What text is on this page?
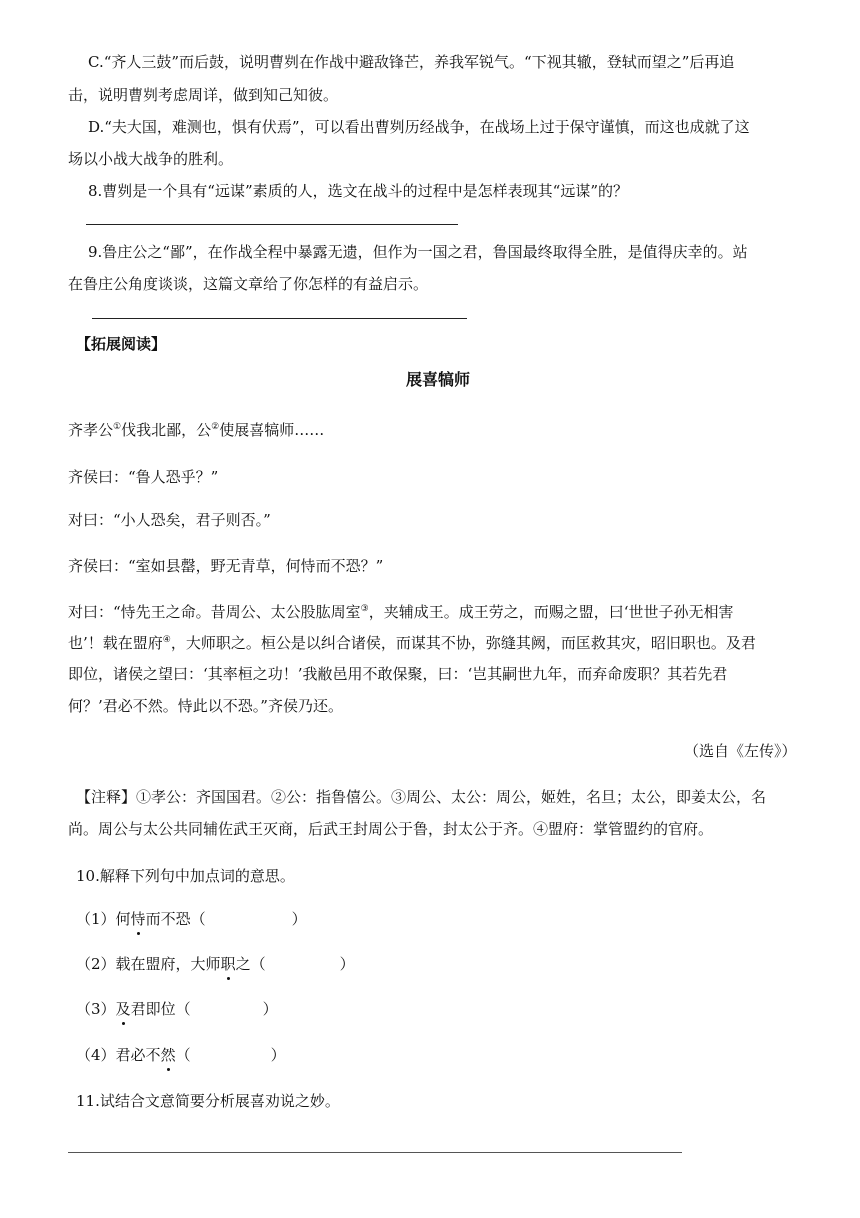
C.“齐人三鼓”而后鼓，说明曹刿在作战中避敌锋芒，养我军锐气。“下视其辙，登轼而望之”后再追
击，说明曹刿考虑周详，做到知己知彼。
D.“夫大国，难测也，惧有伏焉”，可以看出曹刿历经战争，在战场上过于保守谨慎，而这也成就了这
场以小战大战争的胜利。
8.曹刿是一个具有“远谋”素质的人，选文在战斗的过程中是怎样表现其“远谋”的？
9.鲁庄公之“鄙”，在作战全程中暴露无遗，但作为一国之君，鲁国最终取得全胜，是值得庆幸的。站
在鲁庄公角度谈谈，这篇文章给了你怎样的有益启示。
【拓展阅读】
展喜犒师
齐孝公①伐我北鄙，公②使展喜犒师……
齐侯曰：“鲁人恐乎？”
对曰：“小人恐矣，君子则否。”
齐侯曰：“室如县罄，野无青草，何恃而不恐？”
对曰：“恃先王之命。昔周公、太公股肱周室③，夹辅成王。成王劳之，而赐之盟，曰‘世世子孙无相害
也’！载在盟府④，大师职之。桓公是以纠合诸侯，而谋其不协，弥缝其阙，而匡救其灾，昭旧职也。及君
即位，诸侯之望曰：‘其率桓之功！’我敝邑用不敢保聚，曰：‘岂其嗣世九年，而弃命废职？其若先君
何？’君必不然。恃此以不恐。”齐侯乃还。
（选自《左传》）
【注释】①孝公：齐国国君。②公：指鲁僖公。③周公、太公：周公，姬姓，名旦；太公，即姜太公，名
尚。周公与太公共同辅佐武王灭商，后武王封周公于鲁，封太公于齐。④盟府：掌管盟约的官府。
10.解释下列句中加点词的意思。
（1）何恃而不恐（	）
（2）载在盟府，大师职之（	）
（3）及君即位（	）
（4）君必不然（	）
11.试结合文意简要分析展喜劝说之妙。
